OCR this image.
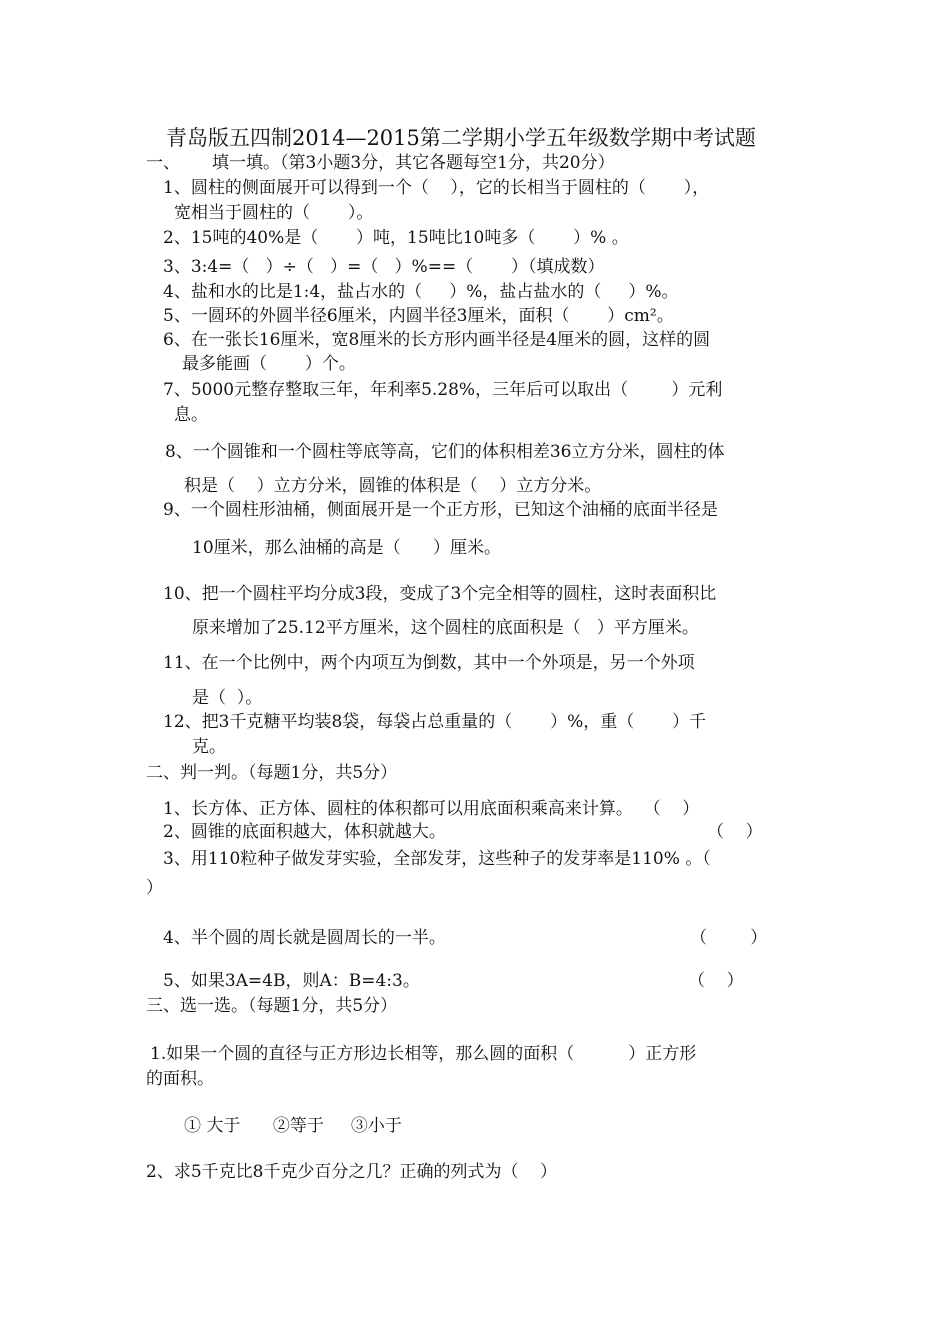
青岛版五四制2014—2015第二学期小学五年级数学期中考试题
一、 填一填。（第3小题3分，其它各题每空1分，共20分）
1、圆柱的侧面展开可以得到一个（    ），它的长相当于圆柱的（       ），
宽相当于圆柱的（       ）。
2、15吨的40%是（       ）吨，15吨比10吨多（       ）% 。
3、3:4=（   ）÷（   ）=（   ）%==（       ）（填成数）
4、盐和水的比是1:4，盐占水的（     ）%，盐占盐水的（     ）%。
5、一圆环的外圆半径6厘米，内圆半径3厘米，面积（       ）cm²。
6、在一张长16厘米，宽8厘米的长方形内画半径是4厘米的圆，这样的圆
最多能画（       ）个。
7、5000元整存整取三年，年利率5.28%，三年后可以取出（        ）元利
息。
8、一个圆锥和一个圆柱等底等高，它们的体积相差36立方分米，圆柱的体
积是（    ）立方分米，圆锥的体积是（    ）立方分米。
9、一个圆柱形油桶，侧面展开是一个正方形，已知这个油桶的底面半径是
10厘米，那么油桶的高是（      ）厘米。
10、把一个圆柱平均分成3段，变成了3个完全相等的圆柱，这时表面积比
原来增加了25.12平方厘米，这个圆柱的底面积是（   ）平方厘米。
11、在一个比例中，两个内项互为倒数，其中一个外项是，另一个外项
是（  ）。
12、把3千克糖平均装8袋，每袋占总重量的（       ）%，重（       ）千
克。
二、判一判。（每题1分，共5分）
1、长方体、正方体、圆柱的体积都可以用底面积乘高来计算。  （    ）
2、圆锥的底面积越大，体积就越大。	（    ）
3、用110粒种子做发芽实验，全部发芽，这些种子的发芽率是110% 。（
）
4、半个圆的周长就是圆周长的一半。	（        ）
5、如果3A=4B，则A：B=4:3。	（    ）
三、选一选。（每题1分，共5分）
1.如果一个圆的直径与正方形边长相等，那么圆的面积（          ）正方形
的面积。
① 大于      ②等于     ③小于
2、求5千克比8千克少百分之几？正确的列式为（    ）
